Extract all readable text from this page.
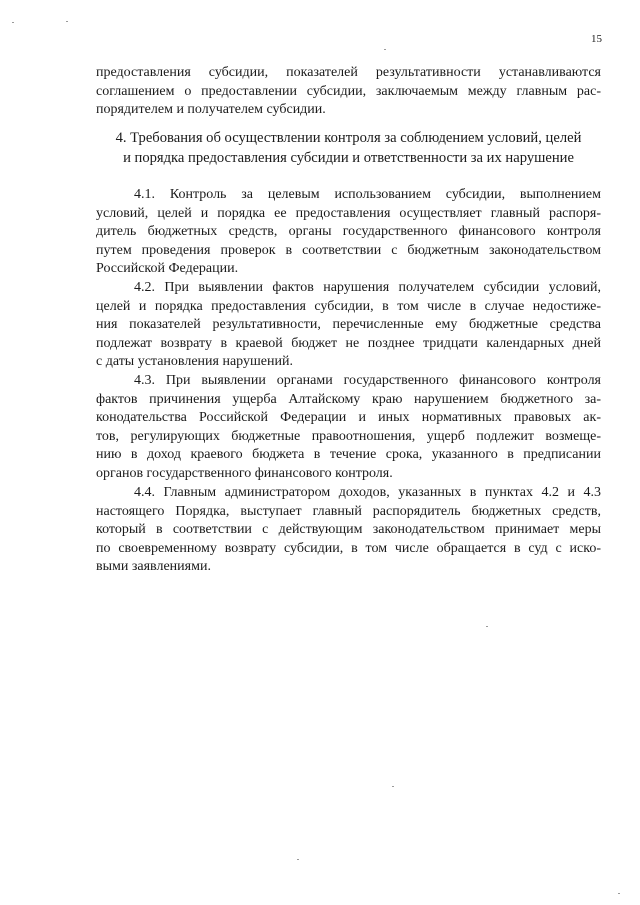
15
предоставления субсидии, показателей результативности устанавливаются
соглашением о предоставлении субсидии, заключаемым между главным рас-
порядителем и получателем субсидии.
4. Требования об осуществлении контроля за соблюдением условий, целей
и порядка предоставления субсидии и ответственности за их нарушение
4.1. Контроль за целевым использованием субсидии, выполнением
условий, целей и порядка ее предоставления осуществляет главный распоря-
дитель бюджетных средств, органы государственного финансового контроля
путем проведения проверок в соответствии с бюджетным законодательством
Российской Федерации.
4.2. При выявлении фактов нарушения получателем субсидии условий,
целей и порядка предоставления субсидии, в том числе в случае недостиже-
ния показателей результативности, перечисленные ему бюджетные средства
подлежат возврату в краевой бюджет не позднее тридцати календарных дней
с даты установления нарушений.
4.3. При выявлении органами государственного финансового контроля
фактов причинения ущерба Алтайскому краю нарушением бюджетного за-
конодательства Российской Федерации и иных нормативных правовых ак-
тов, регулирующих бюджетные правоотношения, ущерб подлежит возмеще-
нию в доход краевого бюджета в течение срока, указанного в предписании
органов государственного финансового контроля.
4.4. Главным администратором доходов, указанных в пунктах 4.2 и 4.3
настоящего Порядка, выступает главный распорядитель бюджетных средств,
который в соответствии с действующим законодательством принимает меры
по своевременному возврату субсидии, в том числе обращается в суд с иско-
выми заявлениями.
